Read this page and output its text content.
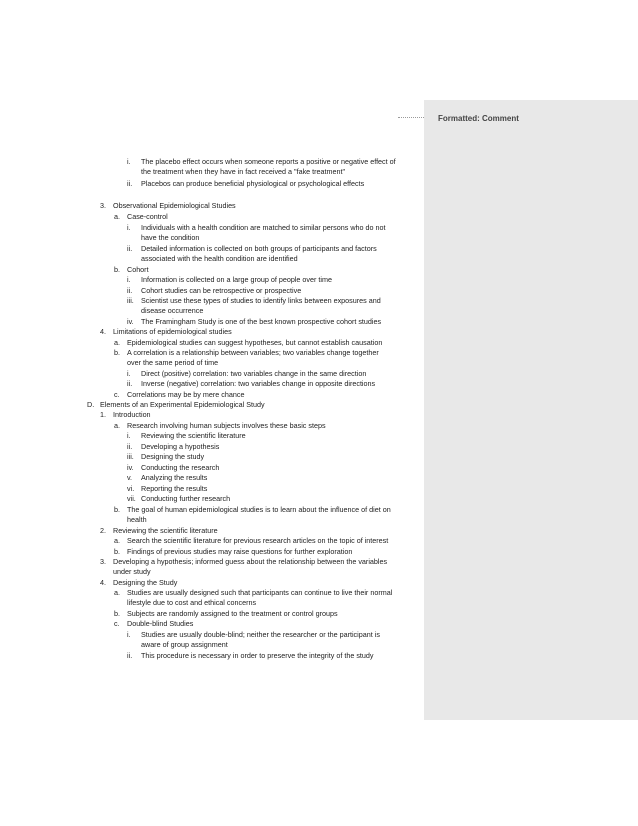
Formatted: Comment
i. The placebo effect occurs when someone reports a positive or negative effect of
the treatment when they have in fact received a "fake treatment"
ii. Placebos can produce beneficial physiological or psychological effects
3. Observational Epidemiological Studies
a. Case-control
i. Individuals with a health condition are matched to similar persons who do not
have the condition
ii. Detailed information is collected on both groups of participants and factors
associated with the health condition are identified
b. Cohort
i. Information is collected on a large group of people over time
ii. Cohort studies can be retrospective or prospective
iii. Scientist use these types of studies to identify links between exposures and
disease occurrence
iv. The Framingham Study is one of the best known prospective cohort studies
4. Limitations of epidemiological studies
a. Epidemiological studies can suggest hypotheses, but cannot establish causation
b. A correlation is a relationship between variables; two variables change together
over the same period of time
i. Direct (positive) correlation: two variables change in the same direction
ii. Inverse (negative) correlation: two variables change in opposite directions
c. Correlations may be by mere chance
D. Elements of an Experimental Epidemiological Study
1. Introduction
a. Research involving human subjects involves these basic steps
i. Reviewing the scientific literature
ii. Developing a hypothesis
iii. Designing the study
iv. Conducting the research
v. Analyzing the results
vi. Reporting the results
vii. Conducting further research
b. The goal of human epidemiological studies is to learn about the influence of diet on
health
2. Reviewing the scientific literature
a. Search the scientific literature for previous research articles on the topic of interest
b. Findings of previous studies may raise questions for further exploration
3. Developing a hypothesis; informed guess about the relationship between the variables
under study
4. Designing the Study
a. Studies are usually designed such that participants can continue to live their normal
lifestyle due to cost and ethical concerns
b. Subjects are randomly assigned to the treatment or control groups
c. Double-blind Studies
i. Studies are usually double-blind; neither the researcher or the participant is
aware of group assignment
ii. This procedure is necessary in order to preserve the integrity of the study
